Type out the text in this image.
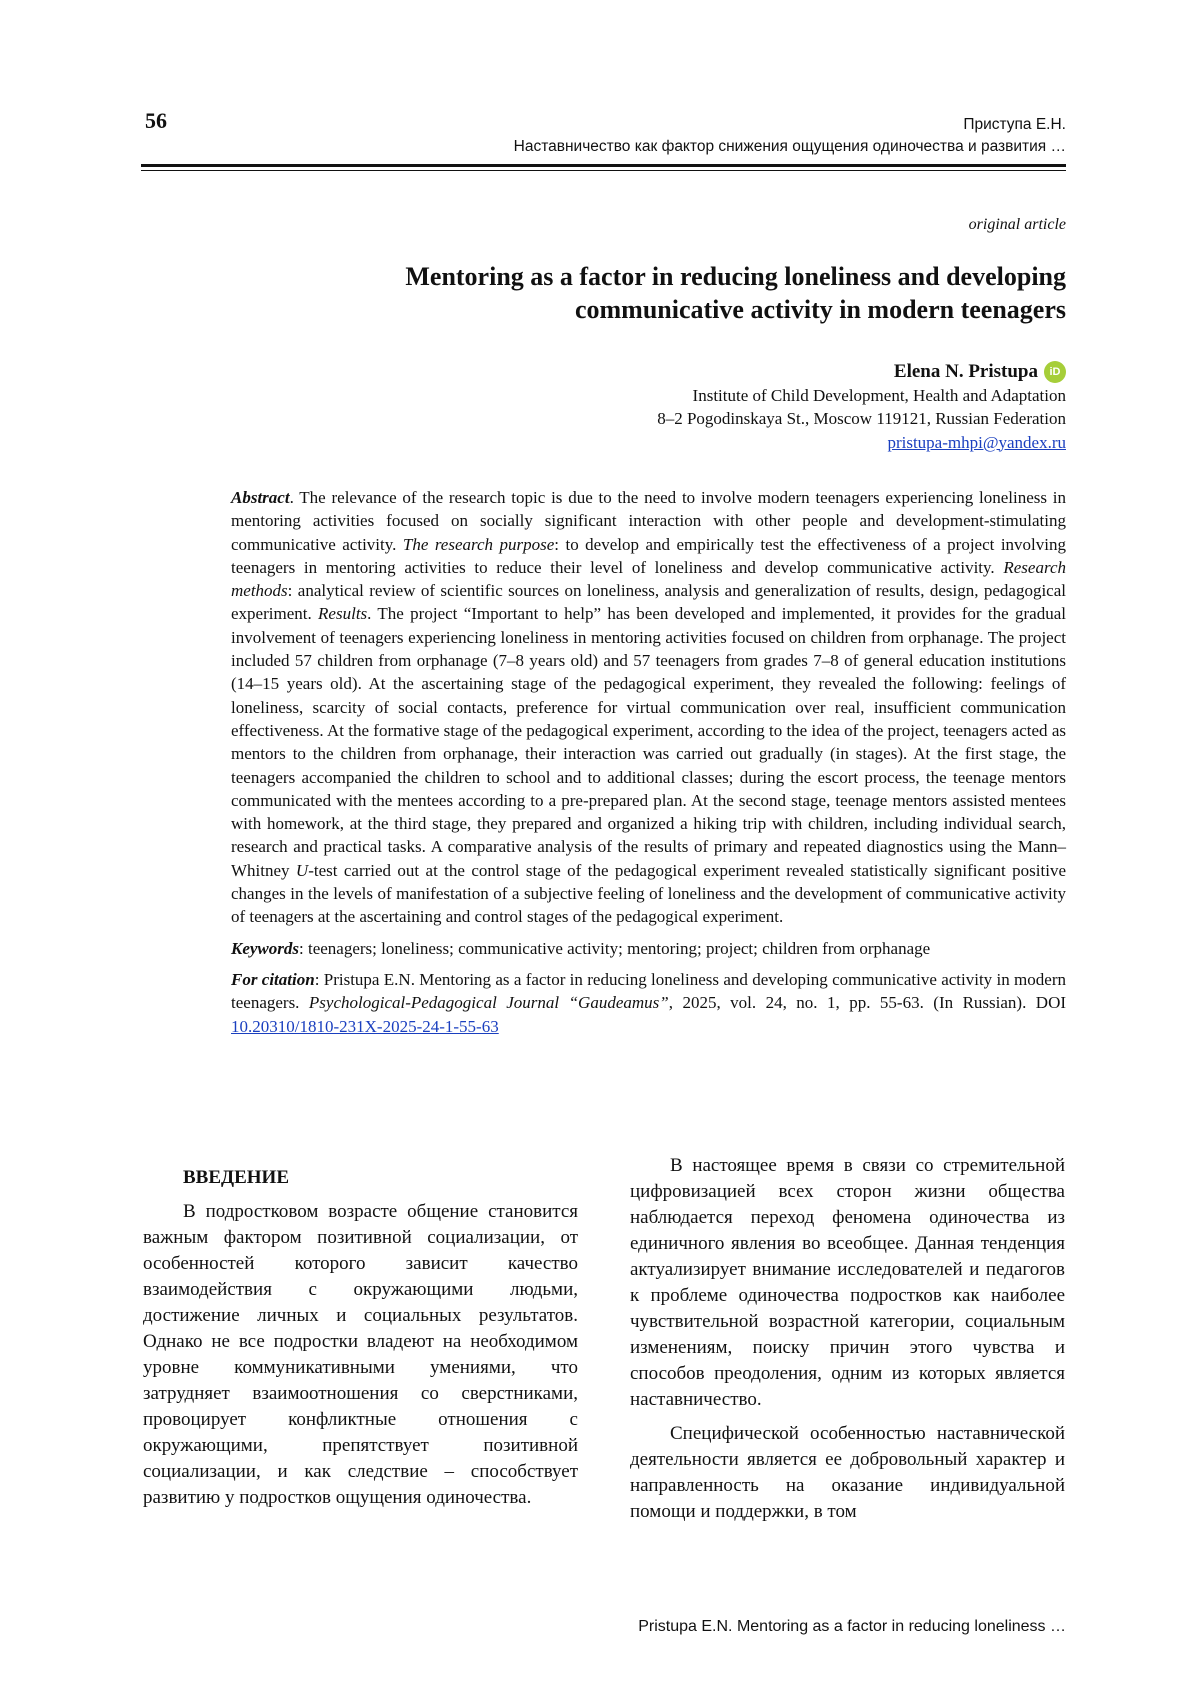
56	Приступа Е.Н.
Наставничество как фактор снижения ощущения одиночества и развития …
original article
Mentoring as a factor in reducing loneliness and developing communicative activity in modern teenagers
Elena N. Pristupa	iD
Institute of Child Development, Health and Adaptation
8–2 Pogodinskaya St., Moscow 119121, Russian Federation
pristupa-mhpi@yandex.ru

Abstract. The relevance of the research topic is due to the need to involve modern teenagers experiencing loneliness in mentoring activities focused on socially significant interaction with other people and development-stimulating communicative activity. The research purpose: to develop and empirically test the effectiveness of a project involving teenagers in mentoring activities to reduce their level of loneliness and develop communicative activity. Research methods: analytical review of scientific sources on loneliness, analysis and generalization of results, design, pedagogical experiment. Results. The project “Important to help” has been developed and implemented, it provides for the gradual involvement of teenagers experiencing loneliness in mentoring activities focused on children from orphanage. The project included 57 children from orphanage (7–8 years old) and 57 teenagers from grades 7–8 of general education institutions (14–15 years old). At the ascertaining stage of the pedagogical experiment, they revealed the following: feelings of loneliness, scarcity of social contacts, preference for virtual communication over real, insufficient communication effectiveness. At the formative stage of the pedagogical experiment, according to the idea of the project, teenagers acted as mentors to the children from orphanage, their interaction was carried out gradually (in stages). At the first stage, the teenagers accompanied the children to school and to additional classes; during the escort process, the teenage mentors communicated with the mentees according to a pre-prepared plan. At the second stage, teenage mentors assisted mentees with homework, at the third stage, they prepared and organized a hiking trip with children, including individual search, research and practical tasks. A comparative analysis of the results of primary and repeated diagnostics using the Mann–Whitney U-test carried out at the control stage of the pedagogical experiment revealed statistically significant positive changes in the levels of manifestation of a subjective feeling of loneliness and the development of communicative activity of teenagers at the ascertaining and control stages of the pedagogical experiment.

Keywords: teenagers; loneliness; communicative activity; mentoring; project; children from orphanage

For citation: Pristupa E.N. Mentoring as a factor in reducing loneliness and developing communicative activity in modern teenagers. Psychological-Pedagogical Journal “Gaudeamus”, 2025, vol. 24, no. 1, pp. 55-63. (In Russian). DOI 10.20310/1810-231X-2025-24-1-55-63

ВВЕДЕНИЕ

В подростковом возрасте общение становится важным фактором позитивной социализации, от особенностей которого зависит качество взаимодействия с окружающими людьми, достижение личных и социальных результатов. Однако не все подростки владеют на необходимом уровне коммуникативными умениями, что затрудняет взаимоотношения со сверстниками, провоцирует конфликтные отношения с окружающими, препятствует позитивной социализации, и как следствие – способствует развитию у подростков ощущения одиночества.

В настоящее время в связи со стремительной цифровизацией всех сторон жизни общества наблюдается переход феномена одиночества из единичного явления во всеобщее. Данная тенденция актуализирует внимание исследователей и педагогов к проблеме одиночества подростков как наиболее чувствительной возрастной категории, социальным изменениям, поиску причин этого чувства и способов преодоления, одним из которых является наставничество.

Специфической особенностью наставнической деятельности является ее добровольный характер и направленность на оказание индивидуальной помощи и поддержки, в том

Pristupa E.N. Mentoring as a factor in reducing loneliness …
